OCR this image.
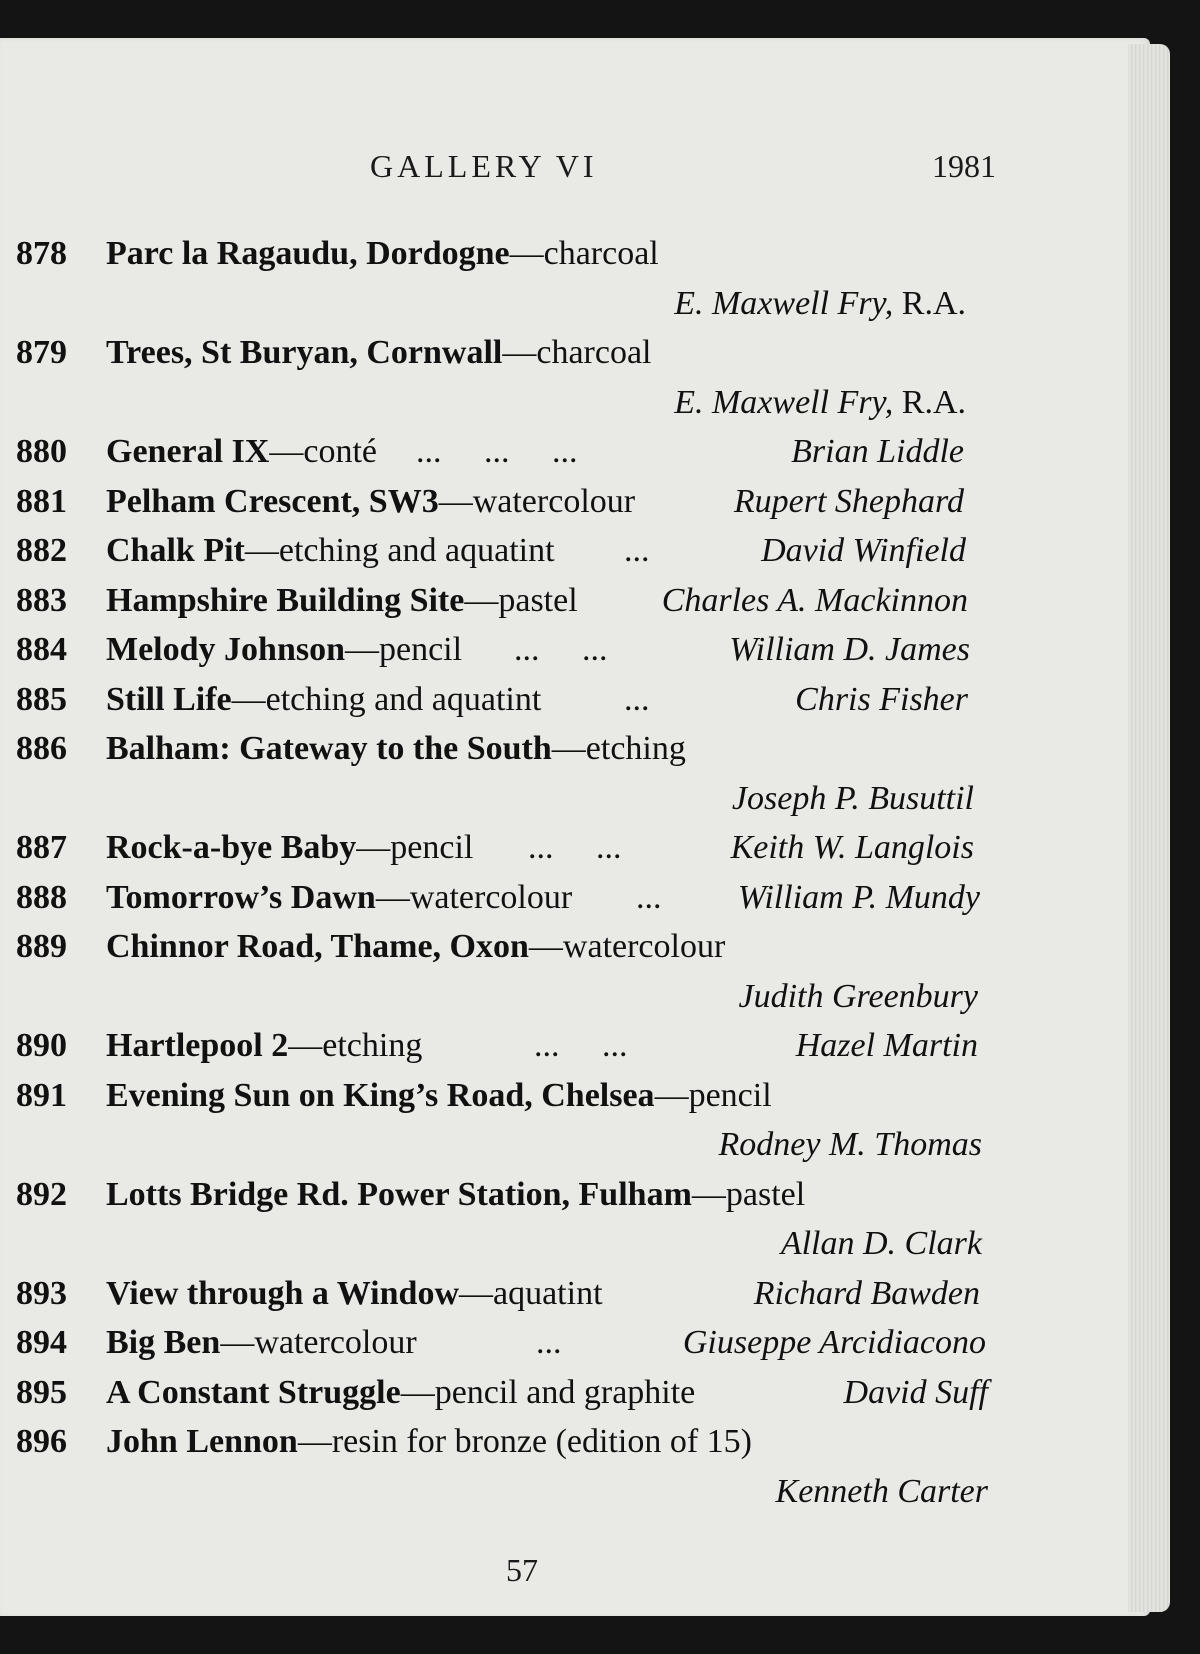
GALLERY VI	1981
878 Parc la Ragaudu, Dordogne—charcoal
E. Maxwell Fry, R.A.
879 Trees, St Buryan, Cornwall—charcoal
E. Maxwell Fry, R.A.
880 General IX—conté ...     ...     ...	Brian Liddle
881 Pelham Crescent, SW3—watercolour	Rupert Shephard
882 Chalk Pit—etching and aquatint ...	David Winfield
883 Hampshire Building Site—pastel Charles A. Mackinnon
884 Melody Johnson—pencil ...     ...	William D. James
885 Still Life—etching and aquatint ...	Chris Fisher
886 Balham: Gateway to the South—etching
Joseph P. Busuttil
887 Rock-a-bye Baby—pencil ...     ...	Keith W. Langlois
888 Tomorrow’s Dawn—watercolour ... William P. Mundy
889 Chinnor Road, Thame, Oxon—watercolour
Judith Greenbury
890 Hartlepool 2—etching	...     ...	Hazel Martin
891 Evening Sun on King’s Road, Chelsea—pencil
Rodney M. Thomas
892 Lotts Bridge Rd. Power Station, Fulham—pastel
Allan D. Clark
893 View through a Window—aquatint	Richard Bawden
894 Big Ben—watercolour	...	Giuseppe Arcidiacono
895 A Constant Struggle—pencil and graphite	David Suff
896 John Lennon—resin for bronze (edition of 15)
Kenneth Carter
57
